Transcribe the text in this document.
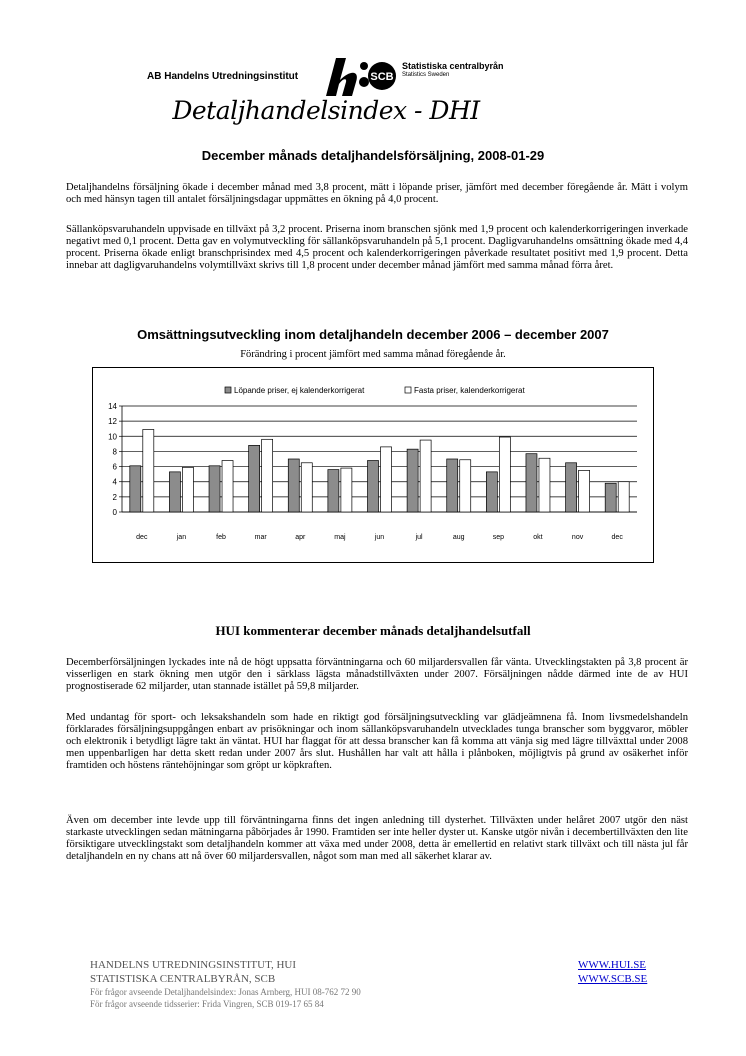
AB Handelns Utredningsinstitut	SCB
Statistiska centralbyrån
Statistics Sweden
Detaljhandelsindex - DHI
December månads detaljhandelsförsäljning, 2008-01-29

Detaljhandelns försäljning ökade i december månad med 3,8 procent, mätt i löpande priser, jämfört med december föregående år. Mätt i volym och med hänsyn tagen till antalet försäljningsdagar uppmättes en ökning på 4,0 procent.

Sällanköpsvaruhandeln uppvisade en tillväxt på 3,2 procent. Priserna inom branschen sjönk med 1,9 procent och kalenderkorrigeringen inverkade negativt med 0,1 procent. Detta gav en volymutveckling för sällanköpsvaruhandeln på 5,1 procent. Dagligvaruhandelns omsättning ökade med 4,4 procent. Priserna ökade enligt branschprisindex med 4,5 procent och kalenderkorrigeringen påverkade resultatet positivt med 1,9 procent. Detta innebar att dagligvaruhandelns volymtillväxt skrivs till 1,8 procent under december månad jämfört med samma månad förra året.

Omsättningsutveckling inom detaljhandeln december 2006 – december 2007
Förändring i procent jämfört med samma månad föregående år.
Löpande priser, ej kalenderkorrigerat	Fasta priser, kalenderkorrigerat
0
2
4
6
8
10
12
14
dec	jan	feb	mar	apr	maj	jun	jul	aug	sep	okt	nov	dec
HUI kommenterar december månads detaljhandelsutfall

Decemberförsäljningen lyckades inte nå de högt uppsatta förväntningarna och 60 miljardersvallen får vänta. Utvecklingstakten på 3,8 procent är visserligen en stark ökning men utgör den i särklass lägsta månadstillväxten under 2007. Försäljningen nådde därmed inte de av HUI prognostiserade 62 miljarder, utan stannade istället på 59,8 miljarder.

Med undantag för sport- och leksakshandeln som hade en riktigt god försäljningsutveckling var glädjeämnena få. Inom livsmedelshandeln förklarades försäljningsuppgången enbart av prisökningar och inom sällanköpsvaruhandeln utvecklades tunga branscher som byggvaror, möbler och elektronik i betydligt lägre takt än väntat. HUI har flaggat för att dessa branscher kan få komma att vänja sig med lägre tillväxttal under 2008 men uppenbarligen har detta skett redan under 2007 års slut. Hushållen har valt att hålla i plånboken, möjligtvis på grund av osäkerhet inför framtiden och höstens räntehöjningar som gröpt ur köpkraften.

Även om december inte levde upp till förväntningarna finns det ingen anledning till dysterhet. Tillväxten under helåret 2007 utgör den näst starkaste utvecklingen sedan mätningarna påbörjades år 1990. Framtiden ser inte heller dyster ut. Kanske utgör nivån i decembertillväxten den lite försiktigare utvecklingstakt som detaljhandeln kommer att växa med under 2008, detta är emellertid en relativt stark tillväxt och till nästa jul får detaljhandeln en ny chans att nå över 60 miljardersvallen, något som man med all säkerhet klarar av.

HANDELNS UTREDNINGSINSTITUT, HUI
STATISTISKA CENTRALBYRÅN, SCB
För frågor avseende Detaljhandelsindex: Jonas Arnberg, HUI 08-762 72 90
För frågor avseende tidsserier: Frida Vingren, SCB 019-17 65 84
WWW.HUI.SE
WWW.SCB.SE
